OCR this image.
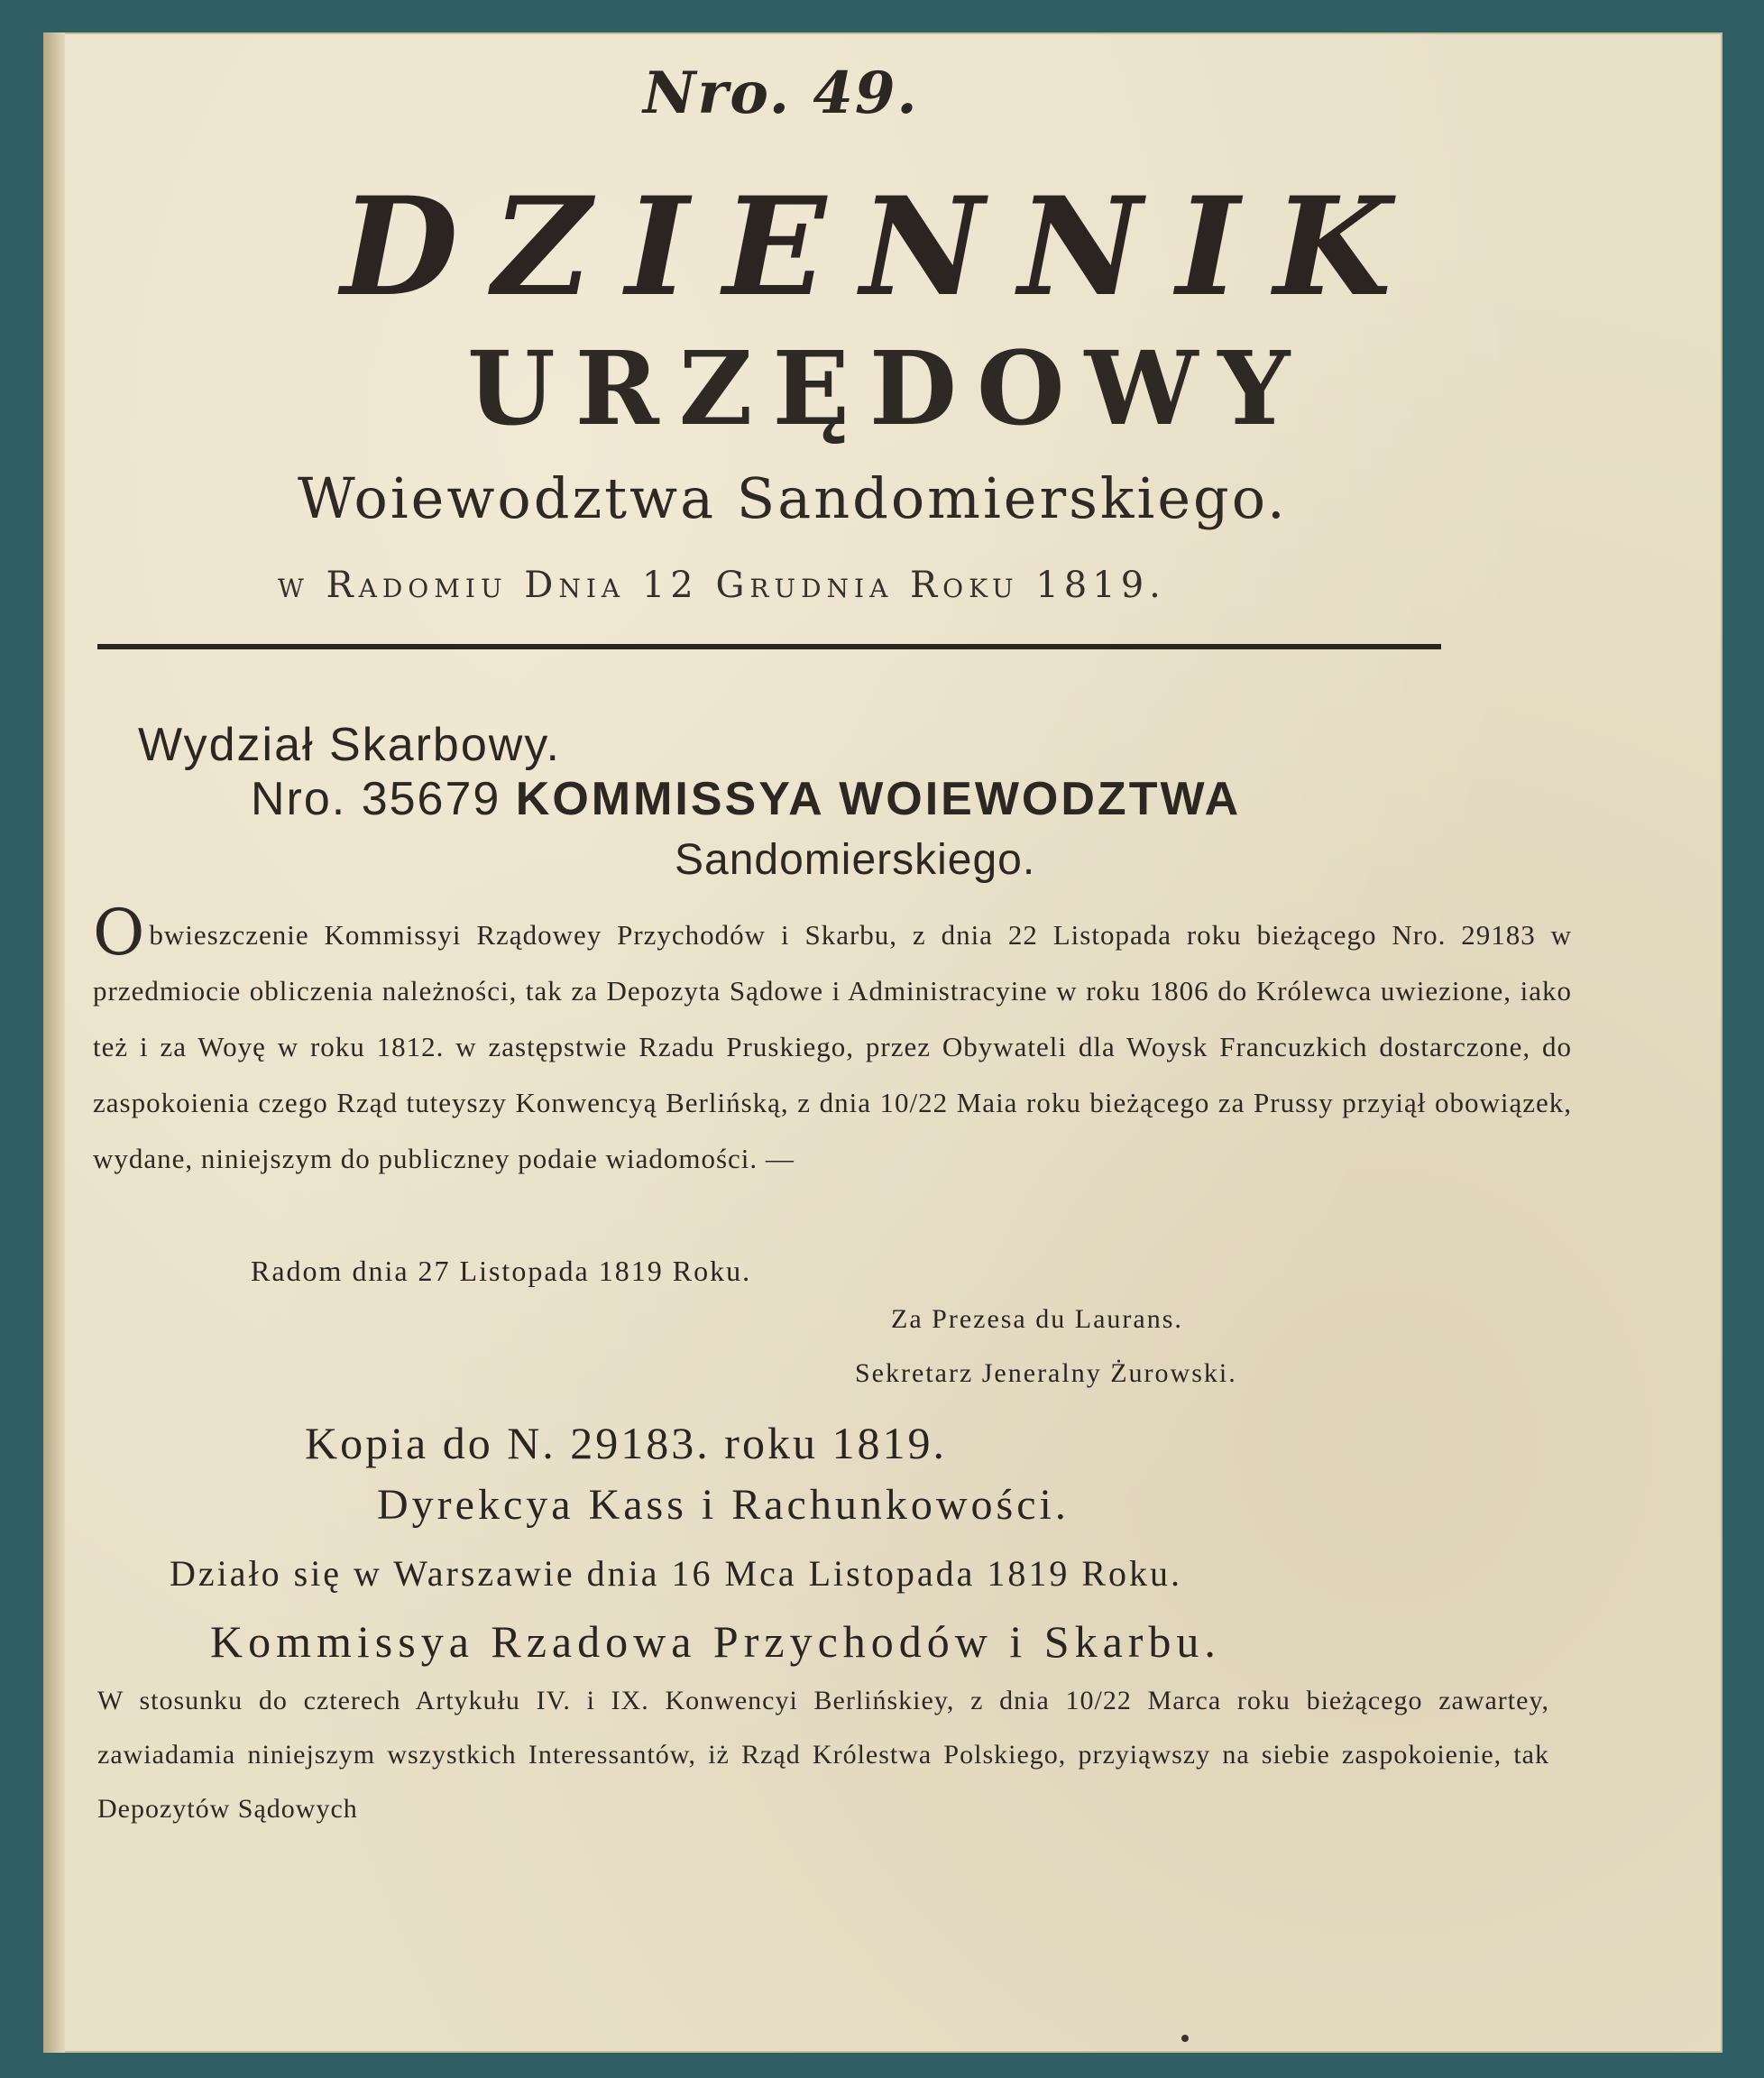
Nro. 49.
DZIENNIK
URZĘDOWY
Woiewodztwa Sandomierskiego.
w Radomiu Dnia 12 Grudnia Roku 1819.
Wydział Skarbowy.
Nro. 35679 KOMMISSYA WOIEWODZTWA
Sandomierskiego.
O bwieszczenie Kommissyi Rządowey Przychodów i Skarbu, z dnia 22 Listopada roku bieżącego Nro. 29183 w przedmiocie obliczenia należności, tak za Depozyta Sądowe i Administracyine w roku 1806 do Królewca uwiezione, iako też i za Woyę w roku 1812. w zastępstwie Rzadu Pruskiego, przez Obywateli dla Woysk Francuzkich dostarczone, do zaspokoienia czego Rząd tuteyszy Konwencyą Berlińską, z dnia 10/22 Maia roku bieżącego za Prussy przyiął obowiązek, wydane, niniejszym do publiczney podaie wiadomości. —
Radom dnia 27 Listopada 1819 Roku.
Za Prezesa du Laurans.
Sekretarz Jeneralny Żurowski.
Kopia do N. 29183. roku 1819.
Dyrekcya Kass i Rachunkowości.
Działo się w Warszawie dnia 16 Mca Listopada 1819 Roku.
Kommissya Rzadowa Przychodów i Skarbu.
W stosunku do czterech Artykułu IV. i IX. Konwencyi Berlińskiey, z dnia 10/22 Marca roku bieżącego zawartey, zawiadamia niniejszym wszystkich Interessantów, iż Rząd Królestwa Polskiego, przyiąwszy na siebie zaspokoienie, tak Depozytów Sądowych
